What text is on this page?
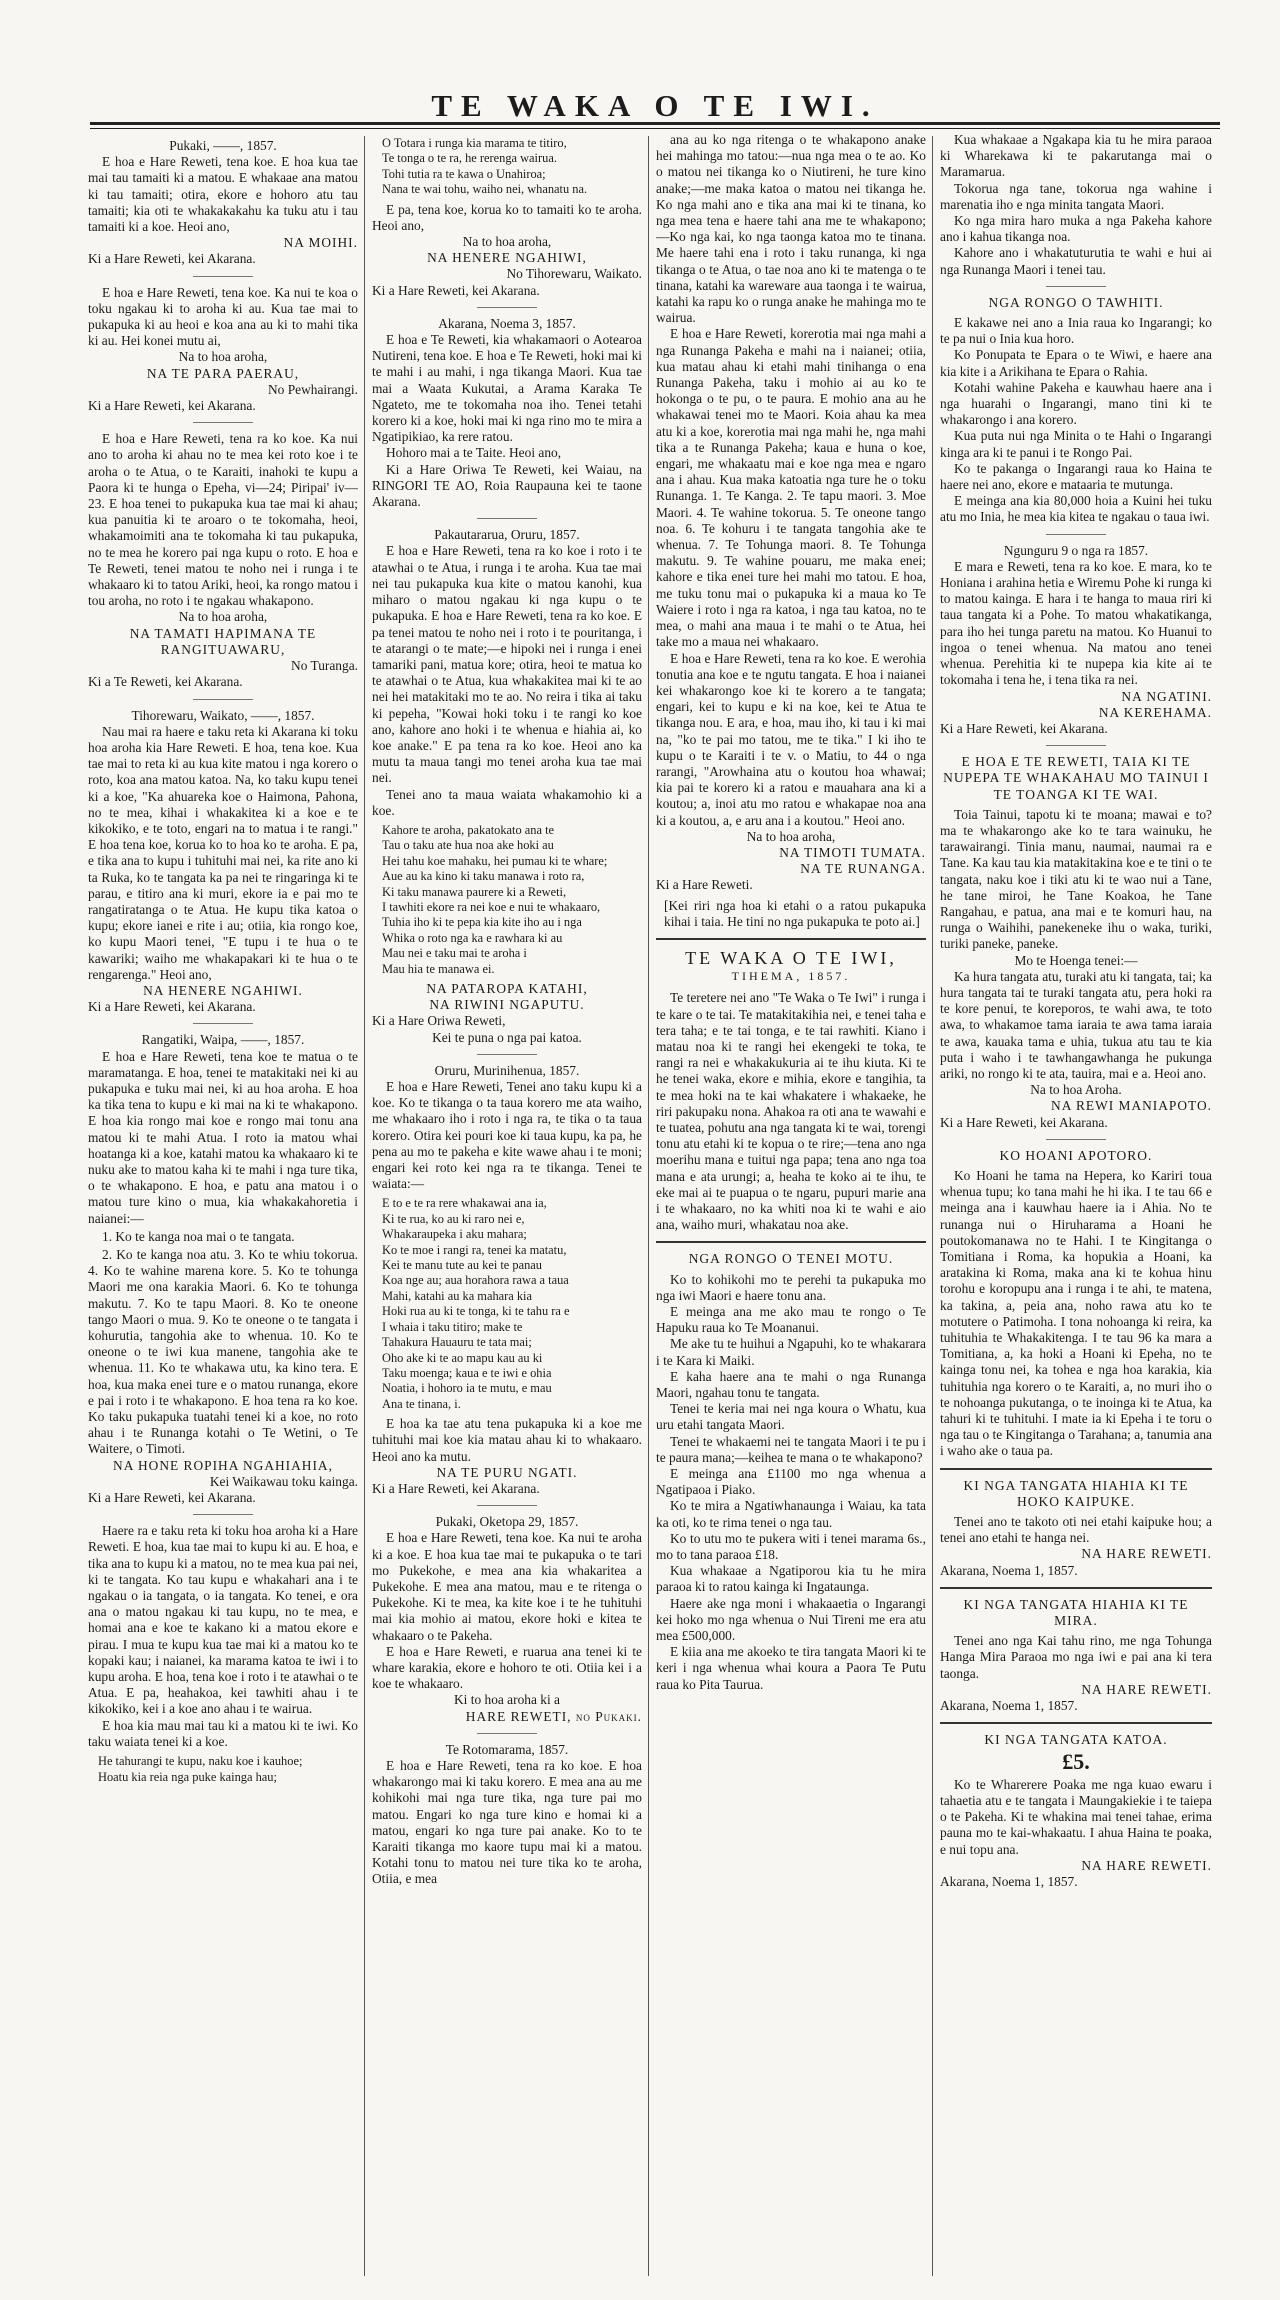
TE WAKA O TE IWI.

Pukaki, ——, 1857.

E hoa e Hare Reweti, tena koe. E hoa kua tae mai tau tamaiti ki a matou. E whakaae ana matou ki tau tamaiti; otira, ekore e hohoro atu tau tamaiti; kia oti te whakakakahu ka tuku atu i tau tamaiti ki a koe. Heoi ano,

NA MOIHI.

Ki a Hare Reweti, kei Akarana.

E hoa e Hare Reweti, tena koe. Ka nui te koa o toku ngakau ki to aroha ki au. Kua tae mai to pukapuka ki au heoi e koa ana au ki to mahi tika ki au. Hei konei mutu ai,

Na to hoa aroha,

NA TE PARA PAERAU,

No Pewhairangi.

Ki a Hare Reweti, kei Akarana.

E hoa e Hare Reweti, tena ra ko koe. Ka nui ano to aroha ki ahau no te mea kei roto koe i te aroha o te Atua, o te Karaiti, inahoki te kupu a Paora ki te hunga o Epeha, vi—24; Piripai' iv—23. E hoa tenei to pukapuka kua tae mai ki ahau; kua panuitia ki te aroaro o te tokomaha, heoi, whakamoimiti ana te tokomaha ki tau pukapuka, no te mea he korero pai nga kupu o roto. E hoa e Te Reweti, tenei matou te noho nei i runga i te whakaaro ki to tatou Ariki, heoi, ka rongo matou i tou aroha, no roto i te ngakau whakapono.

Na to hoa aroha,

NA TAMATI HAPIMANA TE RANGITUAWARU,

No Turanga.

Ki a Te Reweti, kei Akarana.

Tihorewaru, Waikato, ——, 1857.

Nau mai ra haere e taku reta ki Akarana ki toku hoa aroha kia Hare Reweti. E hoa, tena koe. Kua tae mai to reta ki au kua kite matou i nga korero o roto, koa ana matou katoa. Na, ko taku kupu tenei ki a koe, "Ka ahuareka koe o Haimona, Pahona, no te mea, kihai i whakakitea ki a koe e te kikokiko, e te toto, engari na to matua i te rangi." E hoa tena koe, korua ko to hoa ko te aroha. E pa, e tika ana to kupu i tuhituhi mai nei, ka rite ano ki ta Ruka, ko te tangata ka pa nei te ringaringa ki te parau, e titiro ana ki muri, ekore ia e pai mo te rangatiratanga o te Atua. He kupu tika katoa o kupu; ekore ianei e rite i au; otiia, kia rongo koe, ko kupu Maori tenei, "E tupu i te hua o te kawariki; waiho me whakapakari ki te hua o te rengarenga." Heoi ano,

NA HENERE NGAHIWI.

Ki a Hare Reweti, kei Akarana.

Rangatiki, Waipa, ——, 1857.

E hoa e Hare Reweti, tena koe te matua o te maramatanga. E hoa, tenei te matakitaki nei ki au pukapuka e tuku mai nei, ki au hoa aroha. E hoa ka tika tena to kupu e ki mai na ki te whakapono. E hoa kia rongo mai koe e rongo mai tonu ana matou ki te mahi Atua. I roto ia matou whai hoatanga ki a koe, katahi matou ka whakaaro ki te nuku ake to matou kaha ki te mahi i nga ture tika, o te whakapono. E hoa, e patu ana matou i o matou ture kino o mua, kia whakakahoretia i naianei:—

1. Ko te kanga noa mai o te tangata.

2. Ko te kanga noa atu. 3. Ko te whiu tokorua. 4. Ko te wahine marena kore. 5. Ko te tohunga Maori me ona karakia Maori. 6. Ko te tohunga makutu. 7. Ko te tapu Maori. 8. Ko te oneone tango Maori o mua. 9. Ko te oneone o te tangata i kohurutia, tangohia ake to whenua. 10. Ko te oneone o te iwi kua manene, tangohia ake te whenua. 11. Ko te whakawa utu, ka kino tera. E hoa, kua maka enei ture e o matou runanga, ekore e pai i roto i te whakapono. E hoa tena ra ko koe. Ko taku pukapuka tuatahi tenei ki a koe, no roto ahau i te Runanga kotahi o Te Wetini, o Te Waitere, o Timoti.

NA HONE ROPIHA NGAHIAHIA,

Kei Waikawau toku kainga.

Ki a Hare Reweti, kei Akarana.

Haere ra e taku reta ki toku hoa aroha ki a Hare Reweti. E hoa, kua tae mai to kupu ki au. E hoa, e tika ana to kupu ki a matou, no te mea kua pai nei, ki te tangata. Ko tau kupu e whakahari ana i te ngakau o ia tangata, o ia tangata. Ko tenei, e ora ana o matou ngakau ki tau kupu, no te mea, e homai ana e koe te kakano ki a matou ekore e pirau. I mua te kupu kua tae mai ki a matou ko te kopaki kau; i naianei, ka marama katoa te iwi i to kupu aroha. E hoa, tena koe i roto i te atawhai o te Atua. E pa, heahakoa, kei tawhiti ahau i te kikokiko, kei i a koe ano ahau i te wairua.

E hoa kia mau mai tau ki a matou ki te iwi. Ko taku waiata tenei ki a koe.

He tahurangi te kupu, naku koe i kauhoe;

Hoatu kia reia nga puke kainga hau;

O Totara i runga kia marama te titiro,

Te tonga o te ra, he rerenga wairua.

Tohi tutia ra te kawa o Unahiroa;

Nana te wai tohu, waiho nei, whanatu na.

E pa, tena koe, korua ko to tamaiti ko te aroha. Heoi ano,

Na to hoa aroha,

NA HENERE NGAHIWI,

No Tihorewaru, Waikato.

Ki a Hare Reweti, kei Akarana.

Akarana, Noema 3, 1857.

E hoa e Te Reweti, kia whakamaori o Aotearoa Nutireni, tena koe. E hoa e Te Reweti, hoki mai ki te mahi i au mahi, i nga tikanga Maori. Kua tae mai a Waata Kukutai, a Arama Karaka Te Ngateto, me te tokomaha noa iho. Tenei tetahi korero ki a koe, hoki mai ki nga rino mo te mira a Ngatipikiao, ka rere ratou.

Hohoro mai a te Taite. Heoi ano,

Ki a Hare Oriwa Te Reweti, kei Waiau, na RINGORI TE AO, Roia Raupauna kei te taone Akarana.

Pakautararua, Oruru, 1857.

E hoa e Hare Reweti, tena ra ko koe i roto i te atawhai o te Atua, i runga i te aroha. Kua tae mai nei tau pukapuka kua kite o matou kanohi, kua miharo o matou ngakau ki nga kupu o te pukapuka. E hoa e Hare Reweti, tena ra ko koe. E pa tenei matou te noho nei i roto i te pouritanga, i te atarangi o te mate;—e hipoki nei i runga i enei tamariki pani, matua kore; otira, heoi te matua ko te atawhai o te Atua, kua whakakitea mai ki te ao nei hei matakitaki mo te ao. No reira i tika ai taku ki pepeha, "Kowai hoki toku i te rangi ko koe ano, kahore ano hoki i te whenua e hiahia ai, ko koe anake." E pa tena ra ko koe. Heoi ano ka mutu ta maua tangi mo tenei aroha kua tae mai nei.

Tenei ano ta maua waiata whakamohio ki a koe.

Kahore te aroha, pakatokato ana te

Tau o taku ate hua noa ake hoki au

Hei tahu koe mahaku, hei pumau ki te whare;

Aue au ka kino ki taku manawa i roto ra,

Ki taku manawa paurere ki a Reweti,

I tawhiti ekore ra nei koe e nui te whakaaro,

Tuhia iho ki te pepa kia kite iho au i nga

Whika o roto nga ka e rawhara ki au

Mau nei e taku mai te aroha i

Mau hia te manawa ei.

NA PATAROPA KATAHI,

NA RIWINI NGAPUTU.

Ki a Hare Oriwa Reweti,

Kei te puna o nga pai katoa.

Oruru, Murinihenua, 1857.

E hoa e Hare Reweti, Tenei ano taku kupu ki a koe. Ko te tikanga o ta taua korero me ata waiho, me whakaaro iho i roto i nga ra, te tika o ta taua korero. Otira kei pouri koe ki taua kupu, ka pa, he pena au mo te pakeha e kite wawe ahau i te moni; engari kei roto kei nga ra te tikanga. Tenei te waiata:—

E to e te ra rere whakawai ana ia,

Ki te rua, ko au ki raro nei e,

Whakaraupeka i aku mahara;

Ko te moe i rangi ra, tenei ka matatu,

Kei te manu tute au kei te panau

Koa nge au; aua horahora rawa a taua

Mahi, katahi au ka mahara kia

Hoki rua au ki te tonga, ki te tahu ra e

I whaia i taku titiro; make te

Tahakura Hauauru te tata mai;

Oho ake ki te ao mapu kau au ki

Taku moenga; kaua e te iwi e ohia

Noatia, i hohoro ia te mutu, e mau

Ana te tinana, i.

E hoa ka tae atu tena pukapuka ki a koe me tuhituhi mai koe kia matau ahau ki to whakaaro. Heoi ano ka mutu.

NA TE PURU NGATI.

Ki a Hare Reweti, kei Akarana.

Pukaki, Oketopa 29, 1857.

E hoa e Hare Reweti, tena koe. Ka nui te aroha ki a koe. E hoa kua tae mai te pukapuka o te tari mo Pukekohe, e mea ana kia whakaritea a Pukekohe. E mea ana matou, mau e te ritenga o Pukekohe. Ki te mea, ka kite koe i te he tuhituhi mai kia mohio ai matou, ekore hoki e kitea te whakaaro o te Pakeha.

E hoa e Hare Reweti, e ruarua ana tenei ki te whare karakia, ekore e hohoro te oti. Otiia kei i a koe te whakaaro.

Ki to hoa aroha ki a

HARE REWETI, no Pukaki.

Te Rotomarama, 1857.

E hoa e Hare Reweti, tena ra ko koe. E hoa whakarongo mai ki taku korero. E mea ana au me kohikohi mai nga ture tika, nga ture pai mo matou. Engari ko nga ture kino e homai ki a matou, engari ko nga ture pai anake. Ko to te Karaiti tikanga mo kaore tupu mai ki a matou. Kotahi tonu to matou nei ture tika ko te aroha, Otiia, e mea

ana au ko nga ritenga o te whakapono anake hei mahinga mo tatou:—nua nga mea o te ao. Ko o matou nei tikanga ko o Niutireni, he ture kino anake;—me maka katoa o matou nei tikanga he. Ko nga mahi ano e tika ana mai ki te tinana, ko nga mea tena e haere tahi ana me te whakapono;—Ko nga kai, ko nga taonga katoa mo te tinana. Me haere tahi ena i roto i taku runanga, ki nga tikanga o te Atua, o tae noa ano ki te matenga o te tinana, katahi ka wareware aua taonga i te wairua, katahi ka rapu ko o runga anake he mahinga mo te wairua.

E hoa e Hare Reweti, korerotia mai nga mahi a nga Runanga Pakeha e mahi na i naianei; otiia, kua matau ahau ki etahi mahi tinihanga o ena Runanga Pakeha, taku i mohio ai au ko te hokonga o te pu, o te paura. E mohio ana au he whakawai tenei mo te Maori. Koia ahau ka mea atu ki a koe, korerotia mai nga mahi he, nga mahi tika a te Runanga Pakeha; kaua e huna o koe, engari, me whakaatu mai e koe nga mea e ngaro ana i ahau. Kua maka katoatia nga ture he o toku Runanga. 1. Te Kanga. 2. Te tapu maori. 3. Moe Maori. 4. Te wahine tokorua. 5. Te oneone tango noa. 6. Te kohuru i te tangata tangohia ake te whenua. 7. Te Tohunga maori. 8. Te Tohunga makutu. 9. Te wahine pouaru, me maka enei; kahore e tika enei ture hei mahi mo tatou. E hoa, me tuku tonu mai o pukapuka ki a maua ko Te Waiere i roto i nga ra katoa, i nga tau katoa, no te mea, o mahi ana maua i te mahi o te Atua, hei take mo a maua nei whakaaro.

E hoa e Hare Reweti, tena ra ko koe. E werohia tonutia ana koe e te ngutu tangata. E hoa i naianei kei whakarongo koe ki te korero a te tangata; engari, kei to kupu e ki na koe, kei te Atua te tikanga nou. E ara, e hoa, mau iho, ki tau i ki mai na, "ko te pai mo tatou, me te tika." I ki iho te kupu o te Karaiti i te v. o Matiu, to 44 o nga rarangi, "Arowhaina atu o koutou hoa whawai; kia pai te korero ki a ratou e mauahara ana ki a koutou; a, inoi atu mo ratou e whakapae noa ana ki a koutou, a, e aru ana i a koutou." Heoi ano.

Na to hoa aroha,

NA TIMOTI TUMATA.

NA TE RUNANGA.

Ki a Hare Reweti.

[Kei riri nga hoa ki etahi o a ratou pukapuka kihai i taia. He tini no nga pukapuka te poto ai.]

TE WAKA O TE IWI,

TIHEMA, 1857.

Te teretere nei ano "Te Waka o Te Iwi" i runga i te kare o te tai. Te matakitakihia nei, e tenei taha e tera taha; e te tai tonga, e te tai rawhiti. Kiano i matau noa ki te rangi hei ekengeki te toka, te rangi ra nei e whakakukuria ai te ihu kiuta. Ki te he tenei waka, ekore e mihia, ekore e tangihia, ta te mea hoki na te kai whakatere i whakaeke, he riri pakupaku nona. Ahakoa ra oti ana te wawahi e te tuatea, pohutu ana nga tangata ki te wai, torengi tonu atu etahi ki te kopua o te rire;—tena ano nga moerihu mana e tuitui nga papa; tena ano nga toa mana e ata urungi; a, heaha te koko ai te ihu, te eke mai ai te puapua o te ngaru, pupuri marie ana i te whakaaro, no ka whiti noa ki te wahi e aio ana, waiho muri, whakatau noa ake.

NGA RONGO O TENEI MOTU.

Ko to kohikohi mo te perehi ta pukapuka mo nga iwi Maori e haere tonu ana.

E meinga ana me ako mau te rongo o Te Hapuku raua ko Te Moananui.

Me ake tu te huihui a Ngapuhi, ko te whakarara i te Kara ki Maiki.

E kaha haere ana te mahi o nga Runanga Maori, ngahau tonu te tangata.

Tenei te keria mai nei nga koura o Whatu, kua uru etahi tangata Maori.

Tenei te whakaemi nei te tangata Maori i te pu i te paura mana;—keihea te mana o te whakapono?

E meinga ana £1100 mo nga whenua a Ngatipaoa i Piako.

Ko te mira a Ngatiwhanaunga i Waiau, ka tata ka oti, ko te rima tenei o nga tau.

Ko to utu mo te pukera witi i tenei marama 6s., mo to tana paraoa £18.

Kua whakaae a Ngatiporou kia tu he mira paraoa ki to ratou kainga ki Ingataunga.

Haere ake nga moni i whakaaetia o Ingarangi kei hoko mo nga whenua o Nui Tireni me era atu mea £500,000.

E kiia ana me akoeko te tira tangata Maori ki te keri i nga whenua whai koura a Paora Te Putu raua ko Pita Taurua.

Kua whakaae a Ngakapa kia tu he mira paraoa ki Wharekawa ki te pakarutanga mai o Maramarua.

Tokorua nga tane, tokorua nga wahine i marenatia iho e nga minita tangata Maori.

Ko nga mira haro muka a nga Pakeha kahore ano i kahua tikanga noa.

Kahore ano i whakatuturutia te wahi e hui ai nga Runanga Maori i tenei tau.

NGA RONGO O TAWHITI.

E kakawe nei ano a Inia raua ko Ingarangi; ko te pa nui o Inia kua horo.

Ko Ponupata te Epara o te Wiwi, e haere ana kia kite i a Arikihana te Epara o Rahia.

Kotahi wahine Pakeha e kauwhau haere ana i nga huarahi o Ingarangi, mano tini ki te whakarongo i ana korero.

Kua puta nui nga Minita o te Hahi o Ingarangi kinga ara ki te panui i te Rongo Pai.

Ko te pakanga o Ingarangi raua ko Haina te haere nei ano, ekore e mataaria te mutunga.

E meinga ana kia 80,000 hoia a Kuini hei tuku atu mo Inia, he mea kia kitea te ngakau o taua iwi.

Ngunguru 9 o nga ra 1857.

E mara e Reweti, tena ra ko koe. E mara, ko te Honiana i arahina hetia e Wiremu Pohe ki runga ki to matou kainga. E hara i te hanga to maua riri ki taua tangata ki a Pohe. To matou whakatikanga, para iho hei tunga paretu na matou. Ko Huanui to ingoa o tenei whenua. Na matou ano tenei whenua. Perehitia ki te nupepa kia kite ai te tokomaha i tena he, i tena tika ra nei.

NA NGATINI.

NA KEREHAMA.

Ki a Hare Reweti, kei Akarana.

E HOA E TE REWETI, TAIA KI TE NUPEPA TE WHAKAHAU MO TAINUI I TE TOANGA KI TE WAI.

Toia Tainui, tapotu ki te moana; mawai e to? ma te whakarongo ake ko te tara wainuku, he tarawairangi. Tinia manu, naumai, naumai ra e Tane. Ka kau tau kia matakitakina koe e te tini o te tangata, naku koe i tiki atu ki te wao nui a Tane, he tane miroi, he Tane Koakoa, he Tane Rangahau, e patua, ana mai e te komuri hau, na runga o Waihihi, panekeneke ihu o waka, turiki, turiki paneke, paneke.

Mo te Hoenga tenei:—

Ka hura tangata atu, turaki atu ki tangata, tai; ka hura tangata tai te turaki tangata atu, pera hoki ra te kore penui, te koreporos, te wahi awa, te toto awa, to whakamoe tama iaraia te awa tama iaraia te awa, kauaka tama e uhia, tukua atu tau te kia puta i waho i te tawhangawhanga he pukunga ariki, no rongo ki te ata, tauira, mai e a. Heoi ano.

Na to hoa Aroha.

NA REWI MANIAPOTO.

Ki a Hare Reweti, kei Akarana.

KO HOANI APOTORO.

Ko Hoani he tama na Hepera, ko Kariri toua whenua tupu; ko tana mahi he hi ika. I te tau 66 e meinga ana i kauwhau haere ia i Ahia. No te runanga nui o Hiruharama a Hoani he poutokomanawa no te Hahi. I te Kingitanga o Tomitiana i Roma, ka hopukia a Hoani, ka aratakina ki Roma, maka ana ki te kohua hinu torohu e koropupu ana i runga i te ahi, te matena, ka takina, a, peia ana, noho rawa atu ko te motutere o Patimoha. I tona nohoanga ki reira, ka tuhituhia te Whakakitenga. I te tau 96 ka mara a Tomitiana, a, ka hoki a Hoani ki Epeha, no te kainga tonu nei, ka tohea e nga hoa karakia, kia tuhituhia nga korero o te Karaiti, a, no muri iho o te nohoanga pukutanga, o te inoinga ki te Atua, ka tahuri ki te tuhituhi. I mate ia ki Epeha i te toru o nga tau o te Kingitanga o Tarahana; a, tanumia ana i waho ake o taua pa.

KI NGA TANGATA HIAHIA KI TE HOKO KAIPUKE.

Tenei ano te takoto oti nei etahi kaipuke hou; a tenei ano etahi te hanga nei.

NA HARE REWETI.

Akarana, Noema 1, 1857.

KI NGA TANGATA HIAHIA KI TE MIRA.

Tenei ano nga Kai tahu rino, me nga Tohunga Hanga Mira Paraoa mo nga iwi e pai ana ki tera taonga.

NA HARE REWETI.

Akarana, Noema 1, 1857.

KI NGA TANGATA KATOA.

£5.

Ko te Wharerere Poaka me nga kuao ewaru i tahaetia atu e te tangata i Maungakiekie i te taiepa o te Pakeha. Ki te whakina mai tenei tahae, erima pauna mo te kai-whakaatu. I ahua Haina te poaka, e nui topu ana.

NA HARE REWETI.

Akarana, Noema 1, 1857.
